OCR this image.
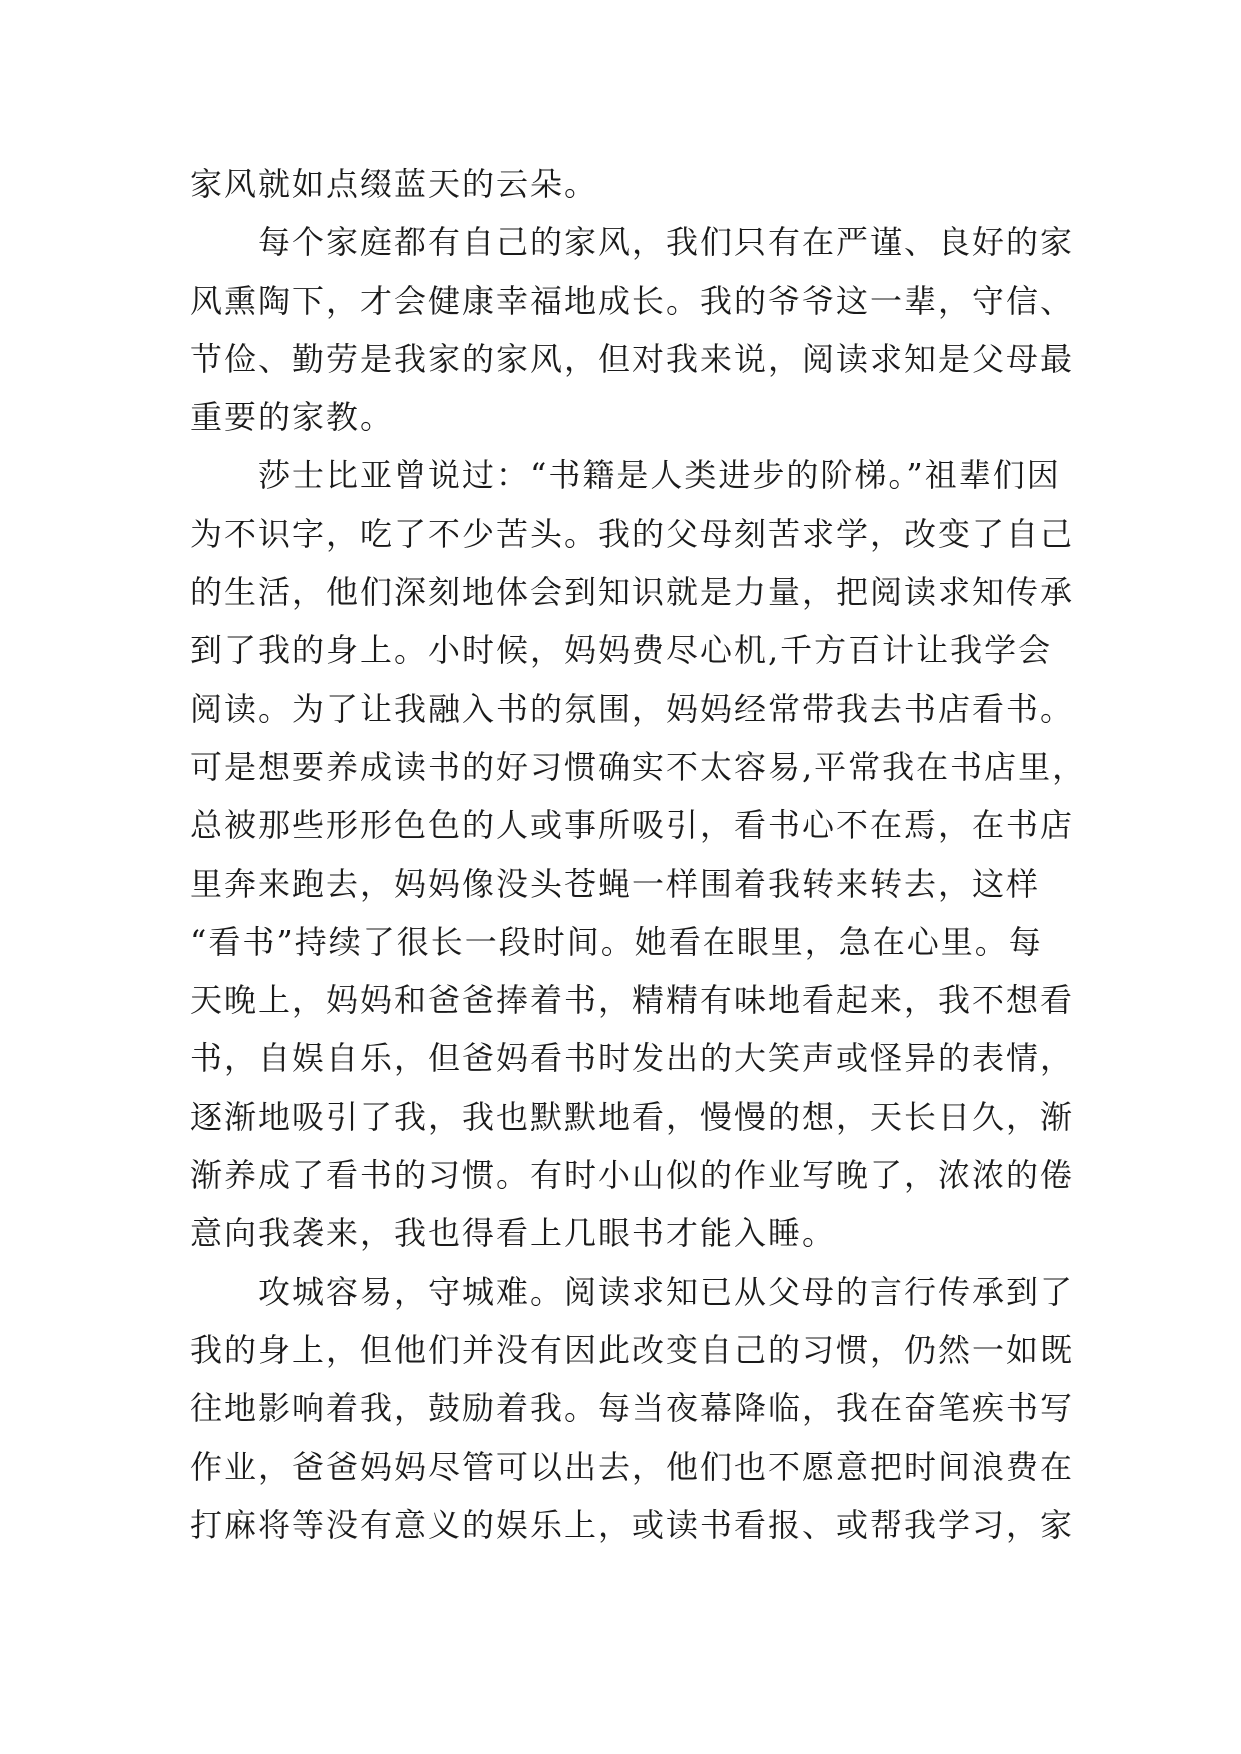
家风就如点缀蓝天的云朵。
　　每个家庭都有自己的家风，我们只有在严谨、良好的家
风熏陶下，才会健康幸福地成长。我的爷爷这一辈，守信、
节俭、勤劳是我家的家风，但对我来说，阅读求知是父母最
重要的家教。
　　莎士比亚曾说过：“书籍是人类进步的阶梯。”祖辈们因
为不识字，吃了不少苦头。我的父母刻苦求学，改变了自己
的生活，他们深刻地体会到知识就是力量，把阅读求知传承
到了我的身上。小时候，妈妈费尽心机,千方百计让我学会
阅读。为了让我融入书的氛围，妈妈经常带我去书店看书。
可是想要养成读书的好习惯确实不太容易,平常我在书店里，
总被那些形形色色的人或事所吸引，看书心不在焉，在书店
里奔来跑去，妈妈像没头苍蝇一样围着我转来转去，这样
“看书”持续了很长一段时间。她看在眼里，急在心里。每
天晚上，妈妈和爸爸捧着书，精精有味地看起来，我不想看
书，自娱自乐，但爸妈看书时发出的大笑声或怪异的表情，
逐渐地吸引了我，我也默默地看，慢慢的想，天长日久，渐
渐养成了看书的习惯。有时小山似的作业写晚了，浓浓的倦
意向我袭来，我也得看上几眼书才能入睡。
　　攻城容易，守城难。阅读求知已从父母的言行传承到了
我的身上，但他们并没有因此改变自己的习惯，仍然一如既
往地影响着我，鼓励着我。每当夜幕降临，我在奋笔疾书写
作业，爸爸妈妈尽管可以出去，他们也不愿意把时间浪费在
打麻将等没有意义的娱乐上，或读书看报、或帮我学习，家
